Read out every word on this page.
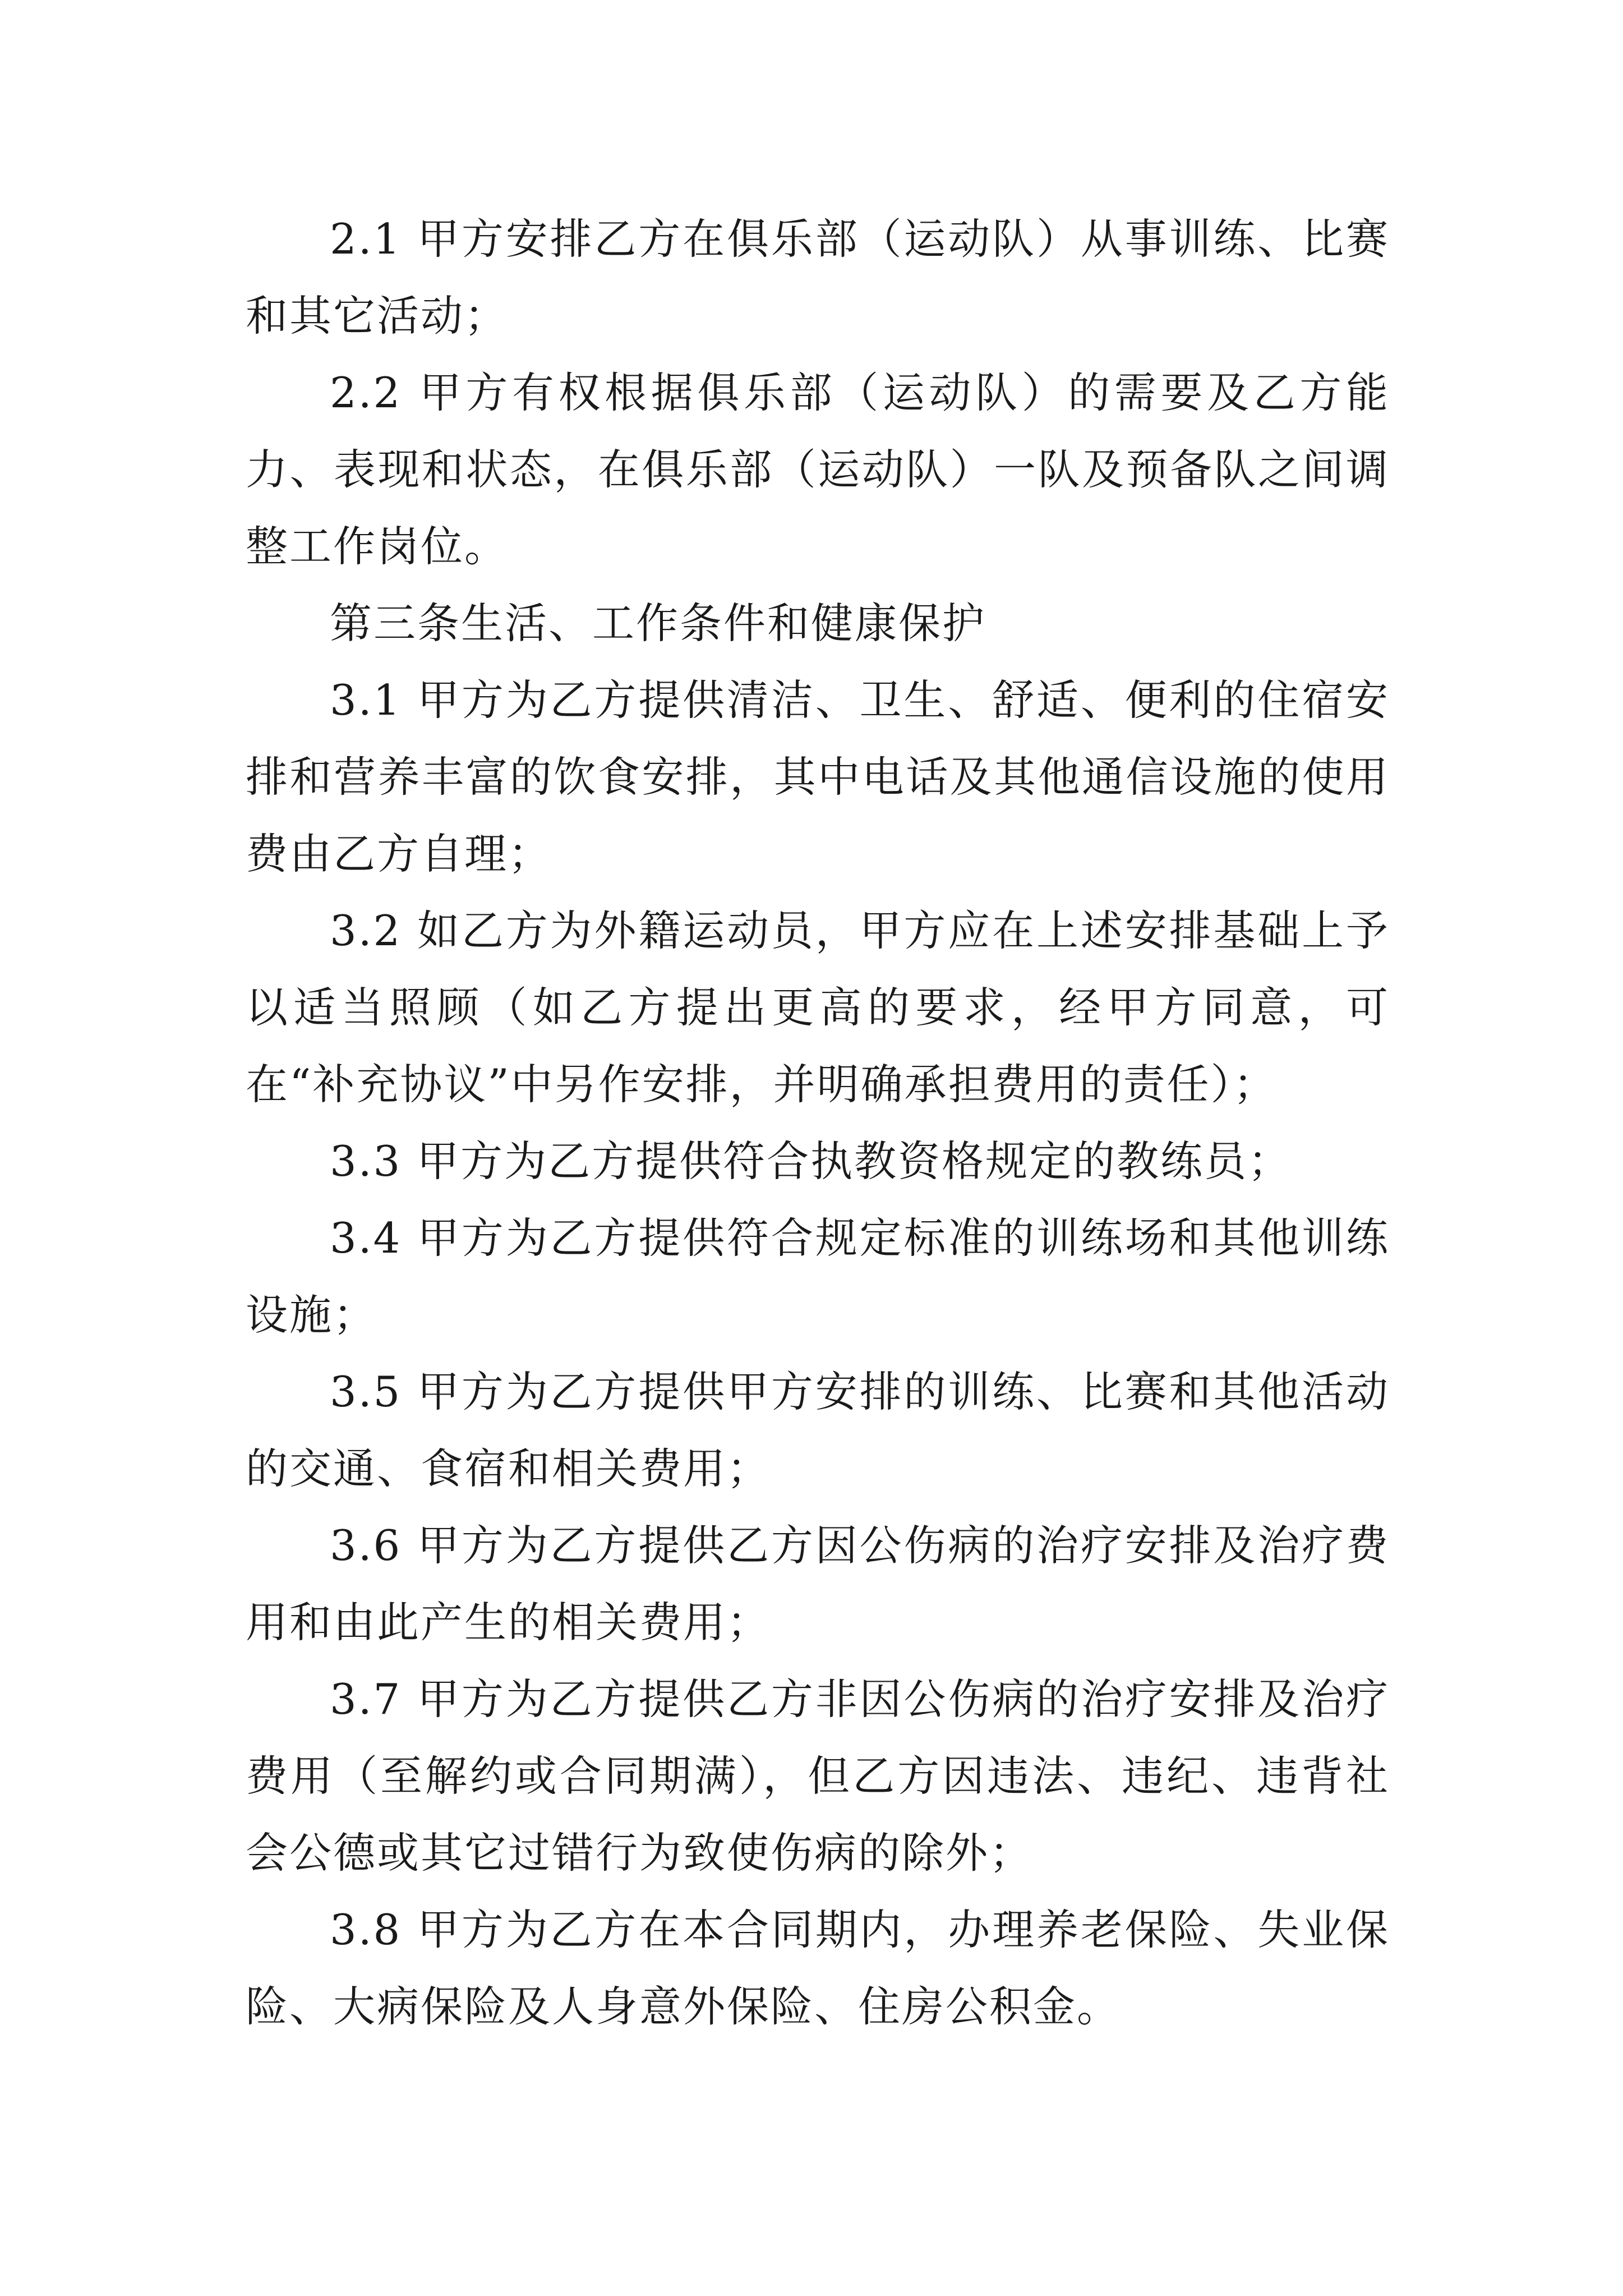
2.1 甲方安排乙方在俱乐部（运动队）从事训练、比赛和其它活动；

2.2 甲方有权根据俱乐部（运动队）的需要及乙方能力、表现和状态，在俱乐部（运动队）一队及预备队之间调整工作岗位。

第三条生活、工作条件和健康保护

3.1 甲方为乙方提供清洁、卫生、舒适、便利的住宿安排和营养丰富的饮食安排，其中电话及其他通信设施的使用费由乙方自理；

3.2 如乙方为外籍运动员，甲方应在上述安排基础上予以适当照顾（如乙方提出更高的要求，经甲方同意，可在“补充协议”中另作安排，并明确承担费用的责任）；

3.3 甲方为乙方提供符合执教资格规定的教练员；

3.4 甲方为乙方提供符合规定标准的训练场和其他训练设施；

3.5 甲方为乙方提供甲方安排的训练、比赛和其他活动的交通、食宿和相关费用；

3.6 甲方为乙方提供乙方因公伤病的治疗安排及治疗费用和由此产生的相关费用；

3.7 甲方为乙方提供乙方非因公伤病的治疗安排及治疗费用（至解约或合同期满），但乙方因违法、违纪、违背社会公德或其它过错行为致使伤病的除外；

3.8 甲方为乙方在本合同期内，办理养老保险、失业保险、大病保险及人身意外保险、住房公积金。
